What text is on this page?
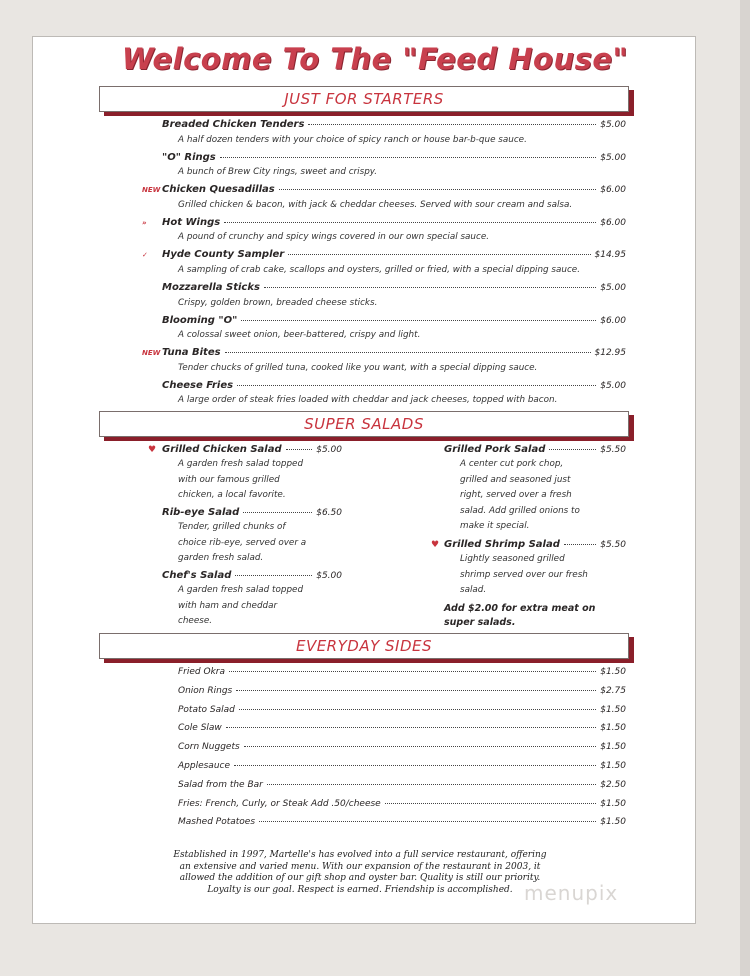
Welcome To The "Feed House"
JUST FOR STARTERS
Breaded Chicken Tenders	$5.00
A half dozen tenders with your choice of spicy ranch or house bar-b-que sauce.
"O" Rings	$5.00
A bunch of Brew City rings, sweet and crispy.
Chicken Quesadillas	$6.00
Grilled chicken & bacon, with jack & cheddar cheeses. Served with sour cream and salsa.
NEW
Hot Wings	$6.00
A pound of crunchy and spicy wings covered in our own special sauce.
»
Hyde County Sampler	$14.95
A sampling of crab cake, scallops and oysters, grilled or fried, with a special dipping sauce.
✓
Mozzarella Sticks	$5.00
Crispy, golden brown, breaded cheese sticks.
Blooming "O"	$6.00
A colossal sweet onion, beer-battered, crispy and light.
Tuna Bites	$12.95
Tender chucks of grilled tuna, cooked like you want, with a special dipping sauce.
NEW
Cheese Fries	$5.00
A large order of steak fries loaded with cheddar and jack cheeses, topped with bacon.
SUPER SALADS
Grilled Chicken Salad	$5.00
♥
A garden fresh salad topped
with our famous grilled
chicken, a local favorite.
Rib-eye Salad	$6.50
Tender, grilled chunks of
choice rib-eye, served over a
garden fresh salad.
Chef's Salad	$5.00
A garden fresh salad topped
with ham and cheddar
cheese.
Grilled Pork Salad	$5.50
A center cut pork chop,
grilled and seasoned just
right, served over a fresh
salad. Add grilled onions to
make it special.
Grilled Shrimp Salad	$5.50
♥
Lightly seasoned grilled
shrimp served over our fresh
salad.
Add $2.00 for extra meat on
super salads.
EVERYDAY SIDES
Fried Okra	$1.50
Onion Rings	$2.75
Potato Salad	$1.50
Cole Slaw	$1.50
Corn Nuggets	$1.50
Applesauce	$1.50
Salad from the Bar	$2.50
Fries: French, Curly, or Steak Add .50/cheese	$1.50
Mashed Potatoes	$1.50
Established in 1997, Martelle's has evolved into a full service restaurant, offering
an extensive and varied menu. With our expansion of the restaurant in 2003, it
allowed the addition of our gift shop and oyster bar. Quality is still our priority.
Loyalty is our goal. Respect is earned. Friendship is accomplished. menupix
